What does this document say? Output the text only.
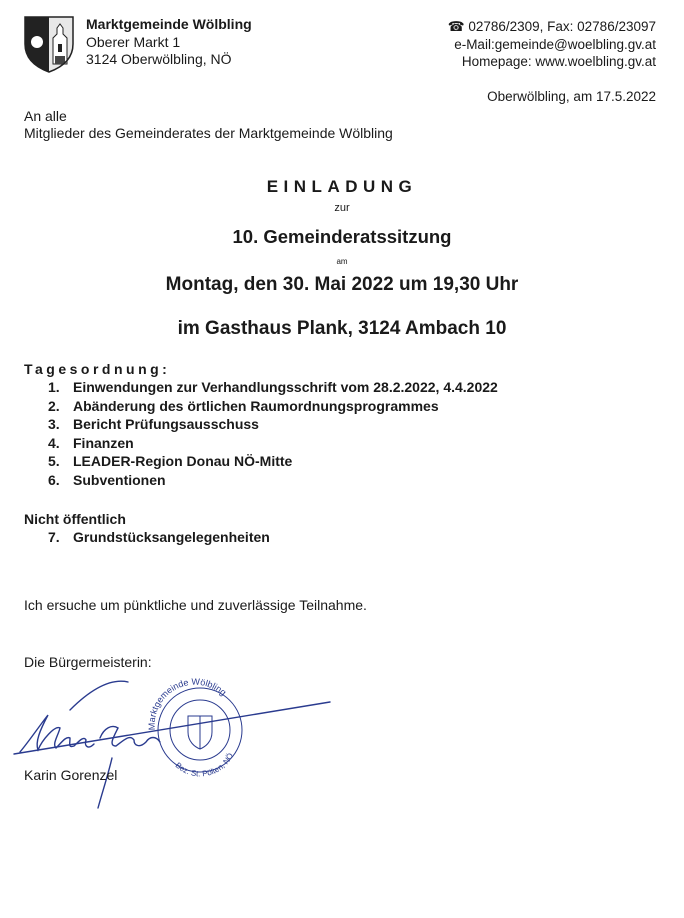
Marktgemeinde Wölbling
Oberer Markt 1
3124 Oberwölbling, NÖ
☎ 02786/2309, Fax: 02786/23097
e-Mail:gemeinde@woelbling.gv.at
Homepage: www.woelbling.gv.at
Oberwölbling, am 17.5.2022
An alle
Mitglieder des Gemeinderates der Marktgemeinde Wölbling
EINLADUNG
zur
10. Gemeinderatssitzung
am
Montag, den 30. Mai 2022 um 19,30 Uhr
im Gasthaus Plank, 3124 Ambach 10
Tagesordnung:
1. Einwendungen zur Verhandlungsschrift vom 28.2.2022, 4.4.2022
2. Abänderung des örtlichen Raumordnungsprogrammes
3. Bericht Prüfungsausschuss
4. Finanzen
5. LEADER-Region Donau NÖ-Mitte
6. Subventionen
Nicht öffentlich
7. Grundstücksangelegenheiten
Ich ersuche um pünktliche und zuverlässige Teilnahme.
Die Bürgermeisterin:
Marktgemeinde Wölbling
Bez. St. Pölten, NÖ
Karin Gorenzel
